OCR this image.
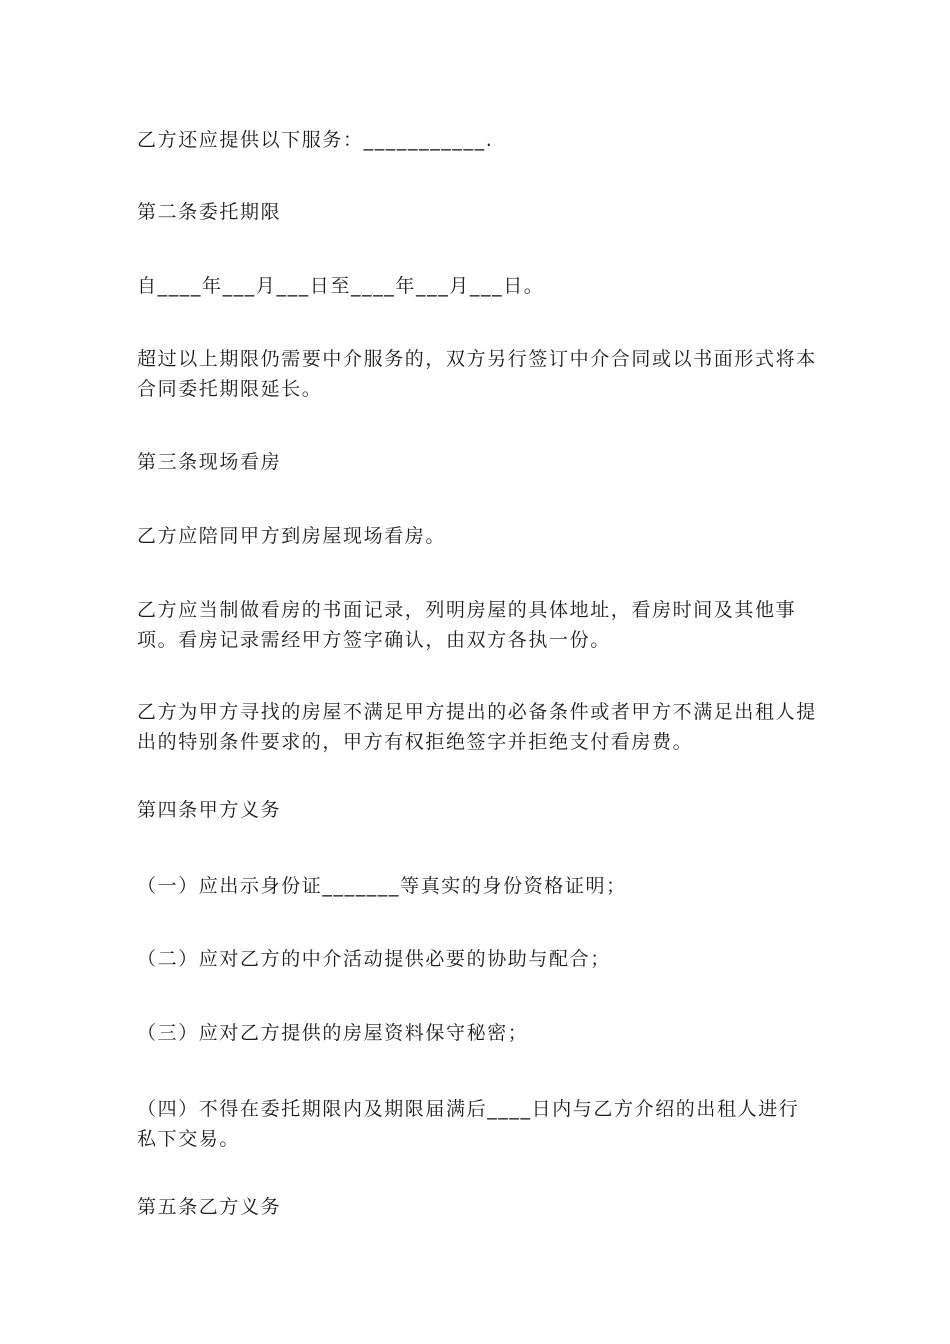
乙方还应提供以下服务：___________.

第二条委托期限

自____年___月___日至____年___月___日。

超过以上期限仍需要中介服务的，双方另行签订中介合同或以书面形式将本合同委托期限延长。

第三条现场看房

乙方应陪同甲方到房屋现场看房。

乙方应当制做看房的书面记录，列明房屋的具体地址，看房时间及其他事项。看房记录需经甲方签字确认，由双方各执一份。

乙方为甲方寻找的房屋不满足甲方提出的必备条件或者甲方不满足出租人提出的特别条件要求的，甲方有权拒绝签字并拒绝支付看房费。

第四条甲方义务

（一）应出示身份证_______等真实的身份资格证明；

（二）应对乙方的中介活动提供必要的协助与配合；

（三）应对乙方提供的房屋资料保守秘密；

（四）不得在委托期限内及期限届满后____日内与乙方介绍的出租人进行私下交易。

第五条乙方义务
